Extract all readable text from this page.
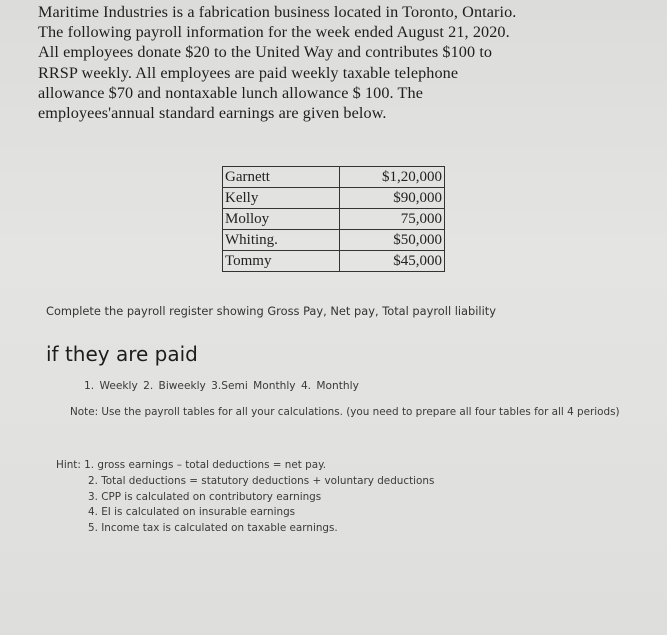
Maritime Industries is a fabrication business located in Toronto, Ontario.
The following payroll information for the week ended August 21, 2020.
All employees donate $20 to the United Way and contributes $100 to
RRSP weekly. All employees are paid weekly taxable telephone
allowance $70 and nontaxable lunch allowance $ 100. The
employees'annual standard earnings are given below.
Garnett	$1,20,000
Kelly	$90,000
Molloy	75,000
Whiting.	$50,000
Tommy	$45,000
Complete the payroll register showing Gross Pay, Net pay, Total payroll liability
if they are paid
1. Weekly 2. Biweekly 3.Semi Monthly 4. Monthly
Note: Use the payroll tables for all your calculations. (you need to prepare all four tables for all 4 periods)
Hint: 1. gross earnings – total deductions = net pay.
2. Total deductions = statutory deductions + voluntary deductions
3. CPP is calculated on contributory earnings
4. EI is calculated on insurable earnings
5. Income tax is calculated on taxable earnings.
